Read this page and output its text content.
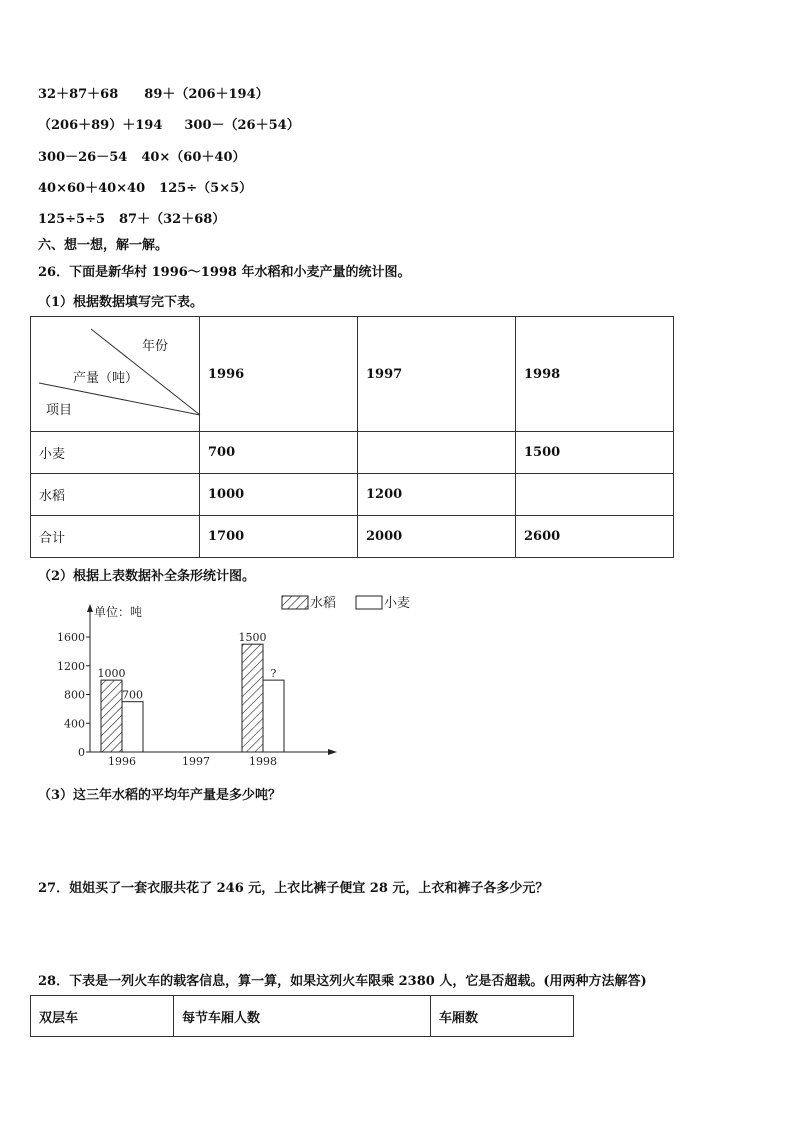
32＋87＋68 89＋（206＋194）
（206＋89）＋194 300－（26＋54）
300－26－54 40×（60＋40）
40×60＋40×40 125÷（5×5）
125÷5÷5 87＋（32＋68）
六、想一想，解一解。
26．下面是新华村 1996～1998 年水稻和小麦产量的统计图。
（1）根据数据填写完下表。
年份
产量（吨）
项目	1996	1997	1998
小麦	700		1500
水稻	1000	1200	
合计	1700	2000	2600
（2）根据上表数据补全条形统计图。
单位：吨
0
400
800
1200
1600
1996	1997	1998
1000
700
1500
?
水稻	小麦
（3）这三年水稻的平均年产量是多少吨？
27．姐姐买了一套衣服共花了 246 元，上衣比裤子便宜 28 元，上衣和裤子各多少元？
28．下表是一列火车的载客信息，算一算，如果这列火车限乘 2380 人，它是否超载。(用两种方法解答)
双层车	每节车厢人数	车厢数
